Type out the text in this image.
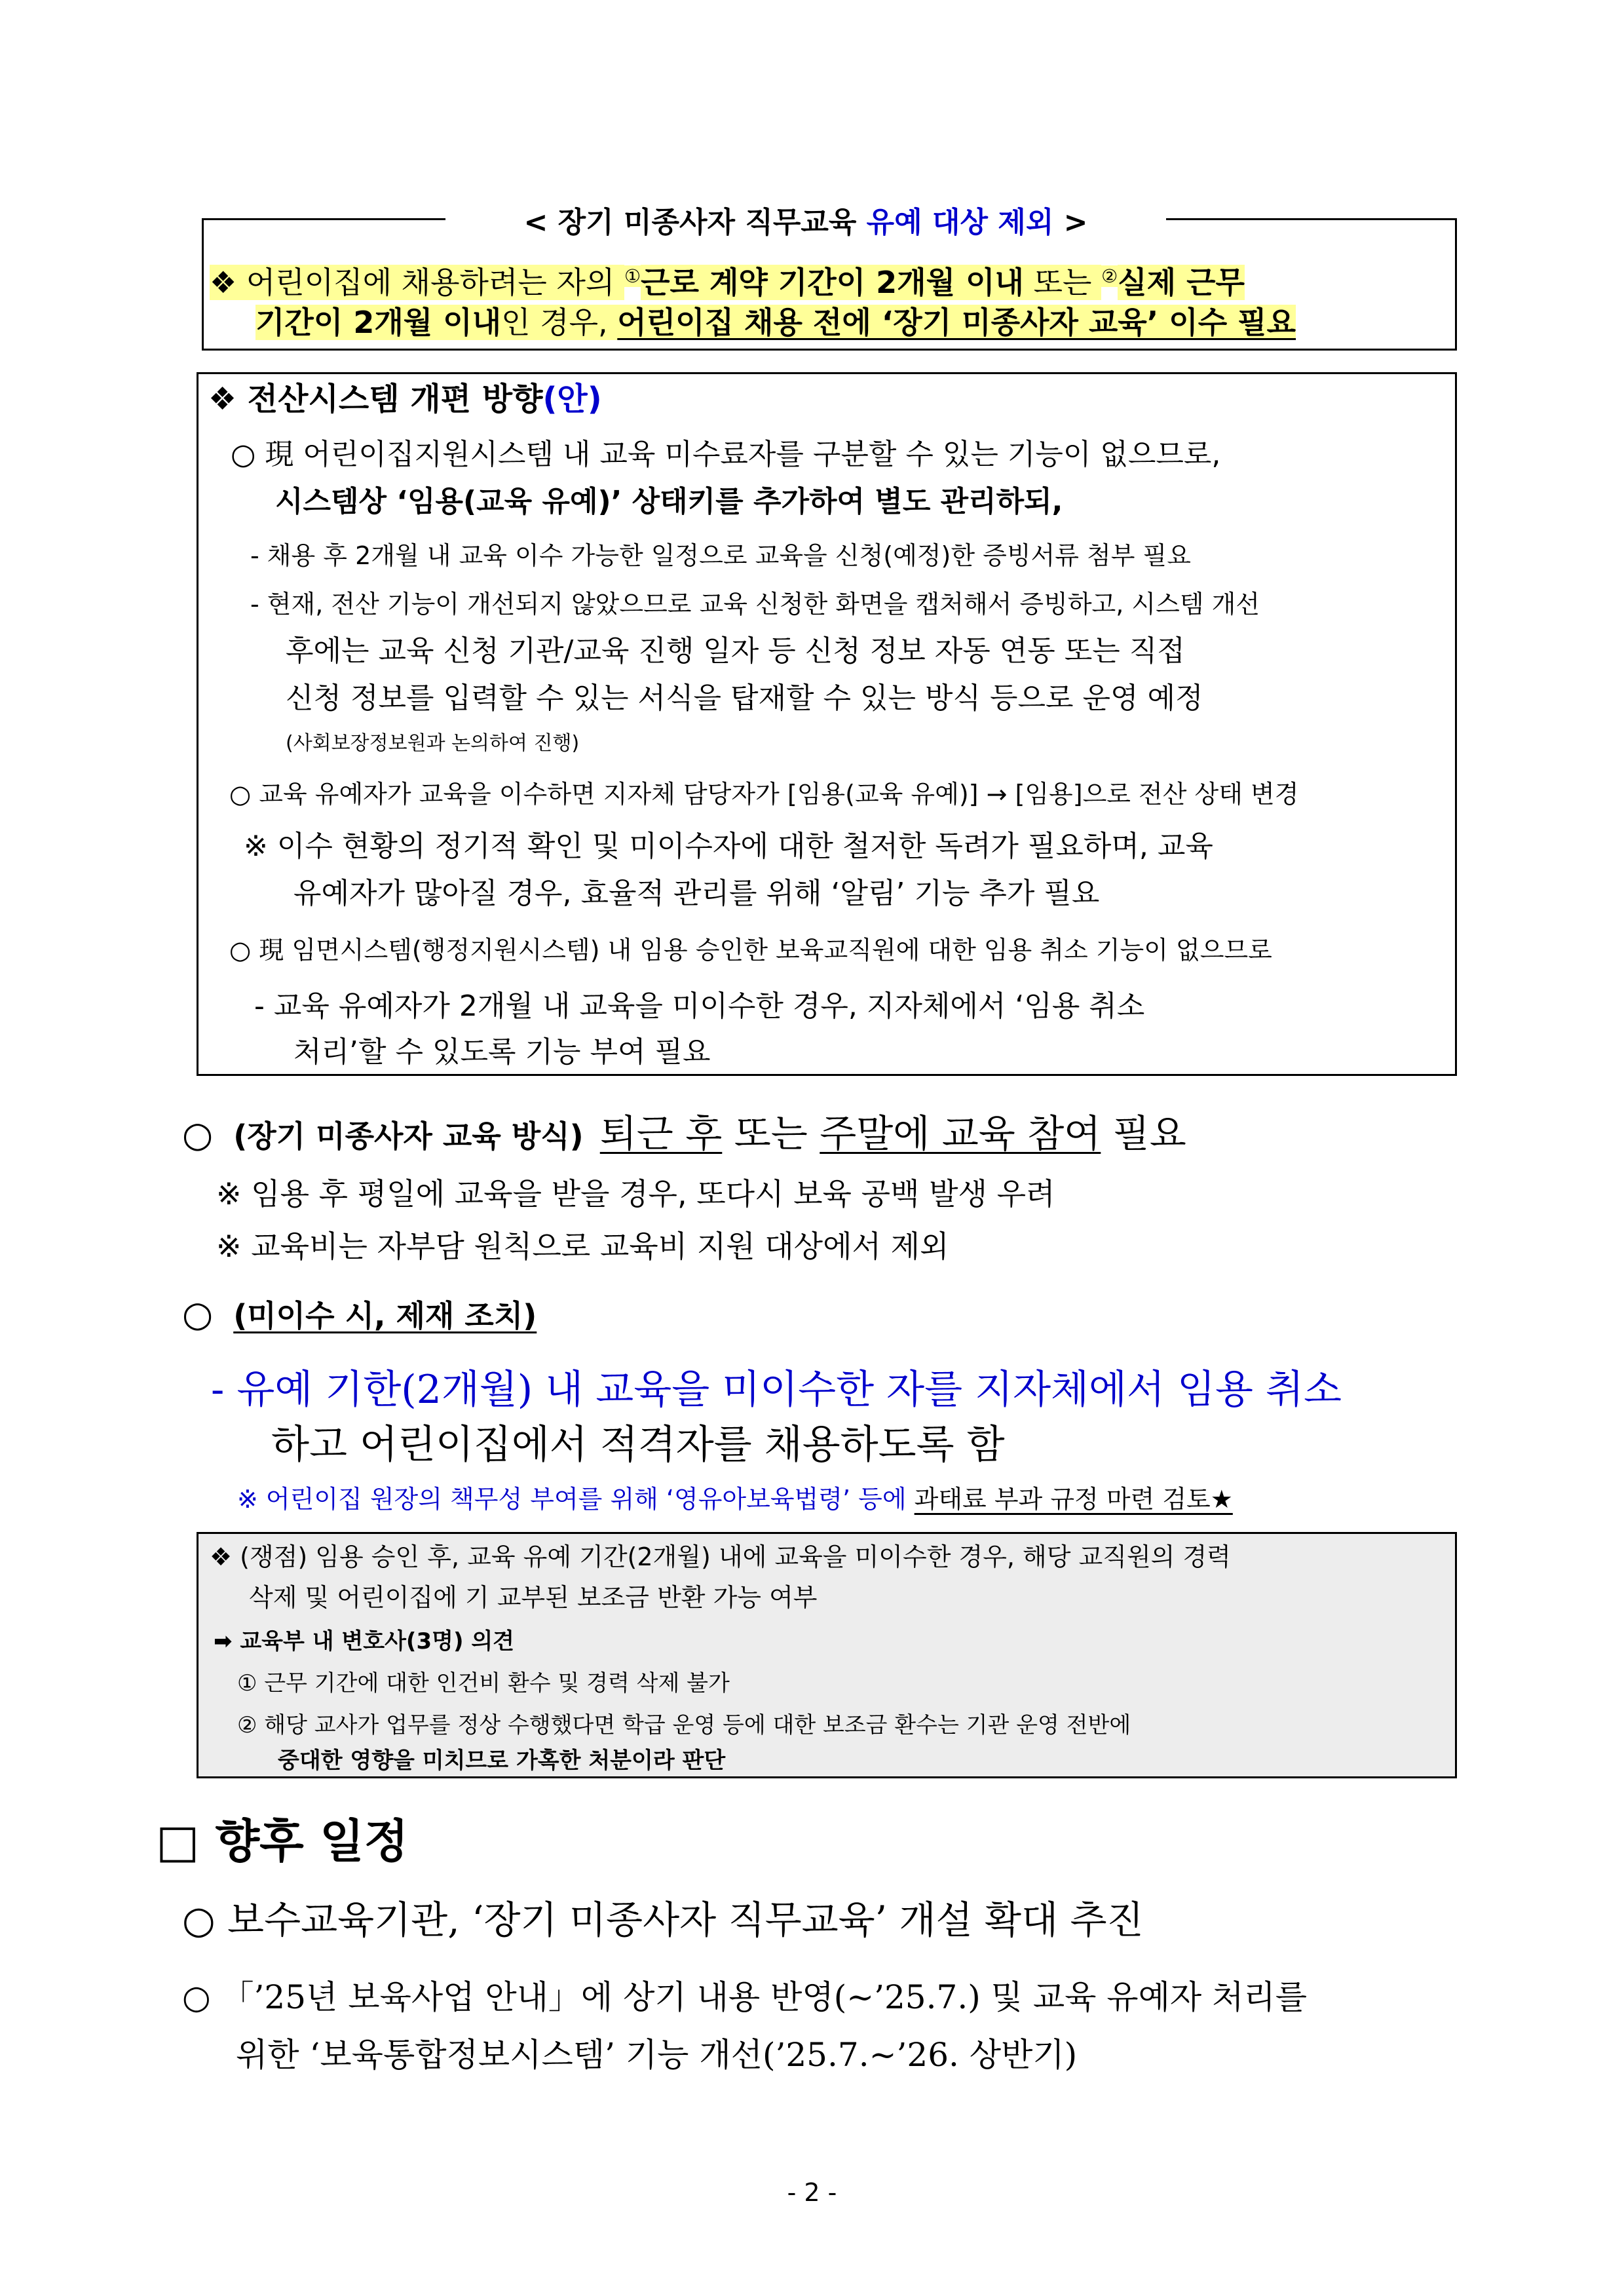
< 장기 미종사자 직무교육 유예 대상 제외 >
❖ 어린이집에 채용하려는 자의 ①근로 계약 기간이 2개월 이내 또는 ②실제 근무
기간이 2개월 이내인 경우, 어린이집 채용 전에 ‘장기 미종사자 교육’ 이수 필요
❖ 전산시스템 개편 방향(안)
○ 現 어린이집지원시스템 내 교육 미수료자를 구분할 수 있는 기능이 없으므로,
시스템상 ‘임용(교육 유예)’ 상태키를 추가하여 별도 관리하되,
- 채용 후 2개월 내 교육 이수 가능한 일정으로 교육을 신청(예정)한 증빙서류 첨부 필요
- 현재, 전산 기능이 개선되지 않았으므로 교육 신청한 화면을 캡처해서 증빙하고, 시스템 개선
후에는 교육 신청 기관/교육 진행 일자 등 신청 정보 자동 연동 또는 직접
신청 정보를 입력할 수 있는 서식을 탑재할 수 있는 방식 등으로 운영 예정
(사회보장정보원과 논의하여 진행)
○ 교육 유예자가 교육을 이수하면 지자체 담당자가 [임용(교육 유예)] → [임용]으로 전산 상태 변경
※ 이수 현황의 정기적 확인 및 미이수자에 대한 철저한 독려가 필요하며, 교육
유예자가 많아질 경우, 효율적 관리를 위해 ‘알림’ 기능 추가 필요
○ 現 임면시스템(행정지원시스템) 내 임용 승인한 보육교직원에 대한 임용 취소 기능이 없으므로
- 교육 유예자가 2개월 내 교육을 미이수한 경우, 지자체에서 ‘임용 취소
처리’할 수 있도록 기능 부여 필요
○ (장기 미종사자 교육 방식) 퇴근 후 또는 주말에 교육 참여 필요
※ 임용 후 평일에 교육을 받을 경우, 또다시 보육 공백 발생 우려
※ 교육비는 자부담 원칙으로 교육비 지원 대상에서 제외
○ (미이수 시, 제재 조치)
- 유예 기한(2개월) 내 교육을 미이수한 자를 지자체에서 임용 취소
하고 어린이집에서 적격자를 채용하도록 함
※ 어린이집 원장의 책무성 부여를 위해 ‘영유아보육법령’ 등에 과태료 부과 규정 마련 검토★
❖ (쟁점) 임용 승인 후, 교육 유예 기간(2개월) 내에 교육을 미이수한 경우, 해당 교직원의 경력
삭제 및 어린이집에 기 교부된 보조금 반환 가능 여부
➡ 교육부 내 변호사(3명) 의견
① 근무 기간에 대한 인건비 환수 및 경력 삭제 불가
② 해당 교사가 업무를 정상 수행했다면 학급 운영 등에 대한 보조금 환수는 기관 운영 전반에
중대한 영향을 미치므로 가혹한 처분이라 판단
□ 향후 일정
○ 보수교육기관, ‘장기 미종사자 직무교육’ 개설 확대 추진
○ 「’25년 보육사업 안내」에 상기 내용 반영(~’25.7.) 및 교육 유예자 처리를
위한 ‘보육통합정보시스템’ 기능 개선(’25.7.~’26. 상반기)
- 2 -
